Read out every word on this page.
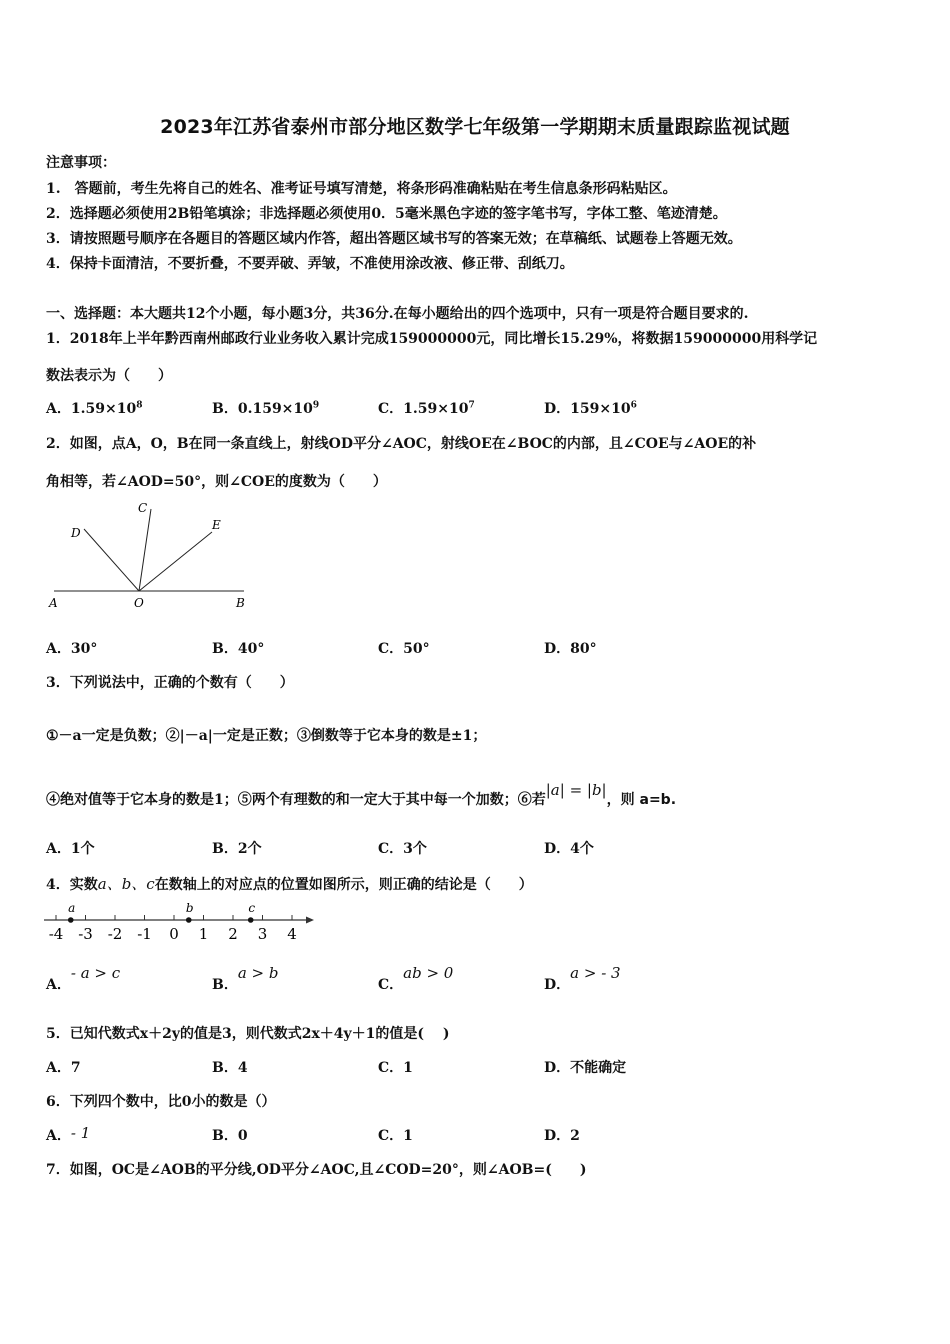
2023年江苏省泰州市部分地区数学七年级第一学期期末质量跟踪监视试题
注意事项：
1.　答题前，考生先将自己的姓名、准考证号填写清楚，将条形码准确粘贴在考生信息条形码粘贴区。
2．选择题必须使用2B铅笔填涂；非选择题必须使用0．5毫米黑色字迹的签字笔书写，字体工整、笔迹清楚。
3．请按照题号顺序在各题目的答题区域内作答，超出答题区域书写的答案无效；在草稿纸、试题卷上答题无效。
4．保持卡面清洁，不要折叠，不要弄破、弄皱，不准使用涂改液、修正带、刮纸刀。
一、选择题：本大题共12个小题，每小题3分，共36分.在每小题给出的四个选项中，只有一项是符合题目要求的.
1．2018年上半年黔西南州邮政行业业务收入累计完成159000000元，同比增长15.29%，将数据159000000用科学记
数法表示为（　　）
A．$1.59\times 10^8$	B．$0.159\times 10^9$	C．$1.59\times 10^7$	D．$159\times 10^6$
2．如图，点A，O，B在同一条直线上，射线OD平分∠AOC，射线OE在∠BOC的内部，且∠COE与∠AOE的补
角相等，若∠AOD=50°，则∠COE的度数为（　　）
A	O	B
D
C
E
A．30°	B．40°	C．50°	D．80°
3．下列说法中，正确的个数有（　　）
①－a一定是负数；②|－a|一定是正数；③倒数等于它本身的数是±1；
④绝对值等于它本身的数是1；⑤两个有理数的和一定大于其中每一个加数；⑥若|a| = |b|，则 a=b.
A．1个	B．2个	C．3个	D．4个
4．实数a、b、c在数轴上的对应点的位置如图所示，则正确的结论是（　　）
-4 -3 -2 -1 0 1 2 3 4
a	b	c
A．- a > c
B．a > b
C．ab > 0
D．a > - 3
5．已知代数式x＋2y的值是3，则代数式2x＋4y＋1的值是(　 )
A．7	B．4	C．1	D．不能确定
6．下列四个数中，比0小的数是（）
A．- 1	B．0	C．1	D．2
7．如图，OC是∠AOB的平分线,OD平分∠AOC,且∠COD=20°，则∠AOB=(　　)
